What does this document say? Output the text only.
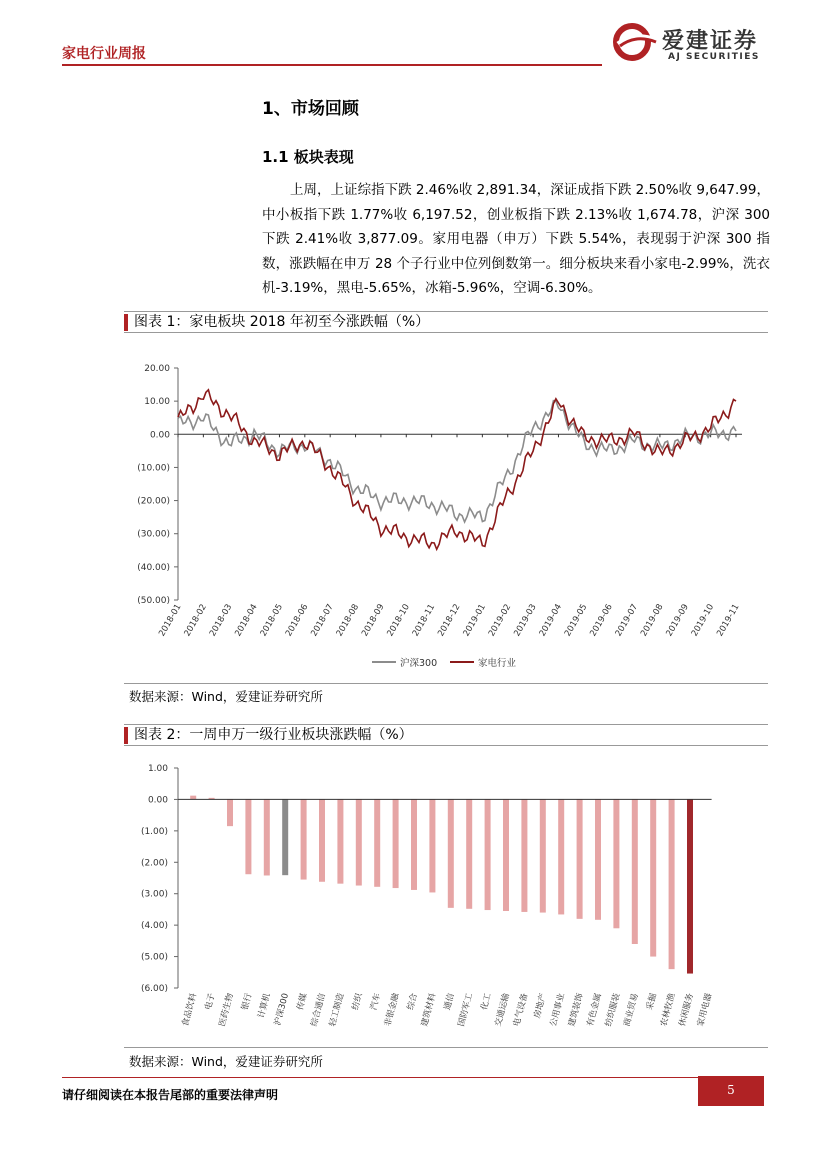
家电行业周报	爱建证券
AJ SECURITIES
1、市场回顾
1.1 板块表现
上周，上证综指下跌 2.46%收 2,891.34，深证成指下跌 2.50%收 9,647.99，中小板指下跌 1.77%收 6,197.52，创业板指下跌 2.13%收 1,674.78，沪深 300 下跌 2.41%收 3,877.09。家用电器（申万）下跌 5.54%，表现弱于沪深 300 指数，涨跌幅在申万 28 个子行业中位列倒数第一。细分板块来看小家电-2.99%，洗衣机-3.19%，黑电-5.65%，冰箱-5.96%，空调-6.30%。
图表 1：家电板块 2018 年初至今涨跌幅（%）
20.00
10.00
0.00
(10.00)
(20.00)
(30.00)
(40.00)
(50.00)
2018-01
2018-02
2018-03
2018-04
2018-05
2018-06
2018-07
2018-08
2018-09
2018-10
2018-11
2018-12
2019-01
2019-02
2019-03
2019-04
2019-05
2019-06
2019-07
2019-08
2019-09
2019-10
2019-11
沪深300	家电行业
数据来源：Wind，爱建证券研究所
图表 2：一周申万一级行业板块涨跌幅（%）
1.00
0.00
(1.00)
(2.00)
(3.00)
(4.00)
(5.00)
(6.00)
食品饮料 电子 医药生物 银行 计算机 沪深300 传媒 综合通信 轻工制造 纺织 汽车 非银金融 综合 建筑材料 通信 国防军工 化工 交通运输 电气设备 房地产 公用事业 建筑装饰 有色金属 纺织服装 商业贸易 采掘 农林牧渔 休闲服务 家用电器
数据来源：Wind，爱建证券研究所
请仔细阅读在本报告尾部的重要法律声明	5
